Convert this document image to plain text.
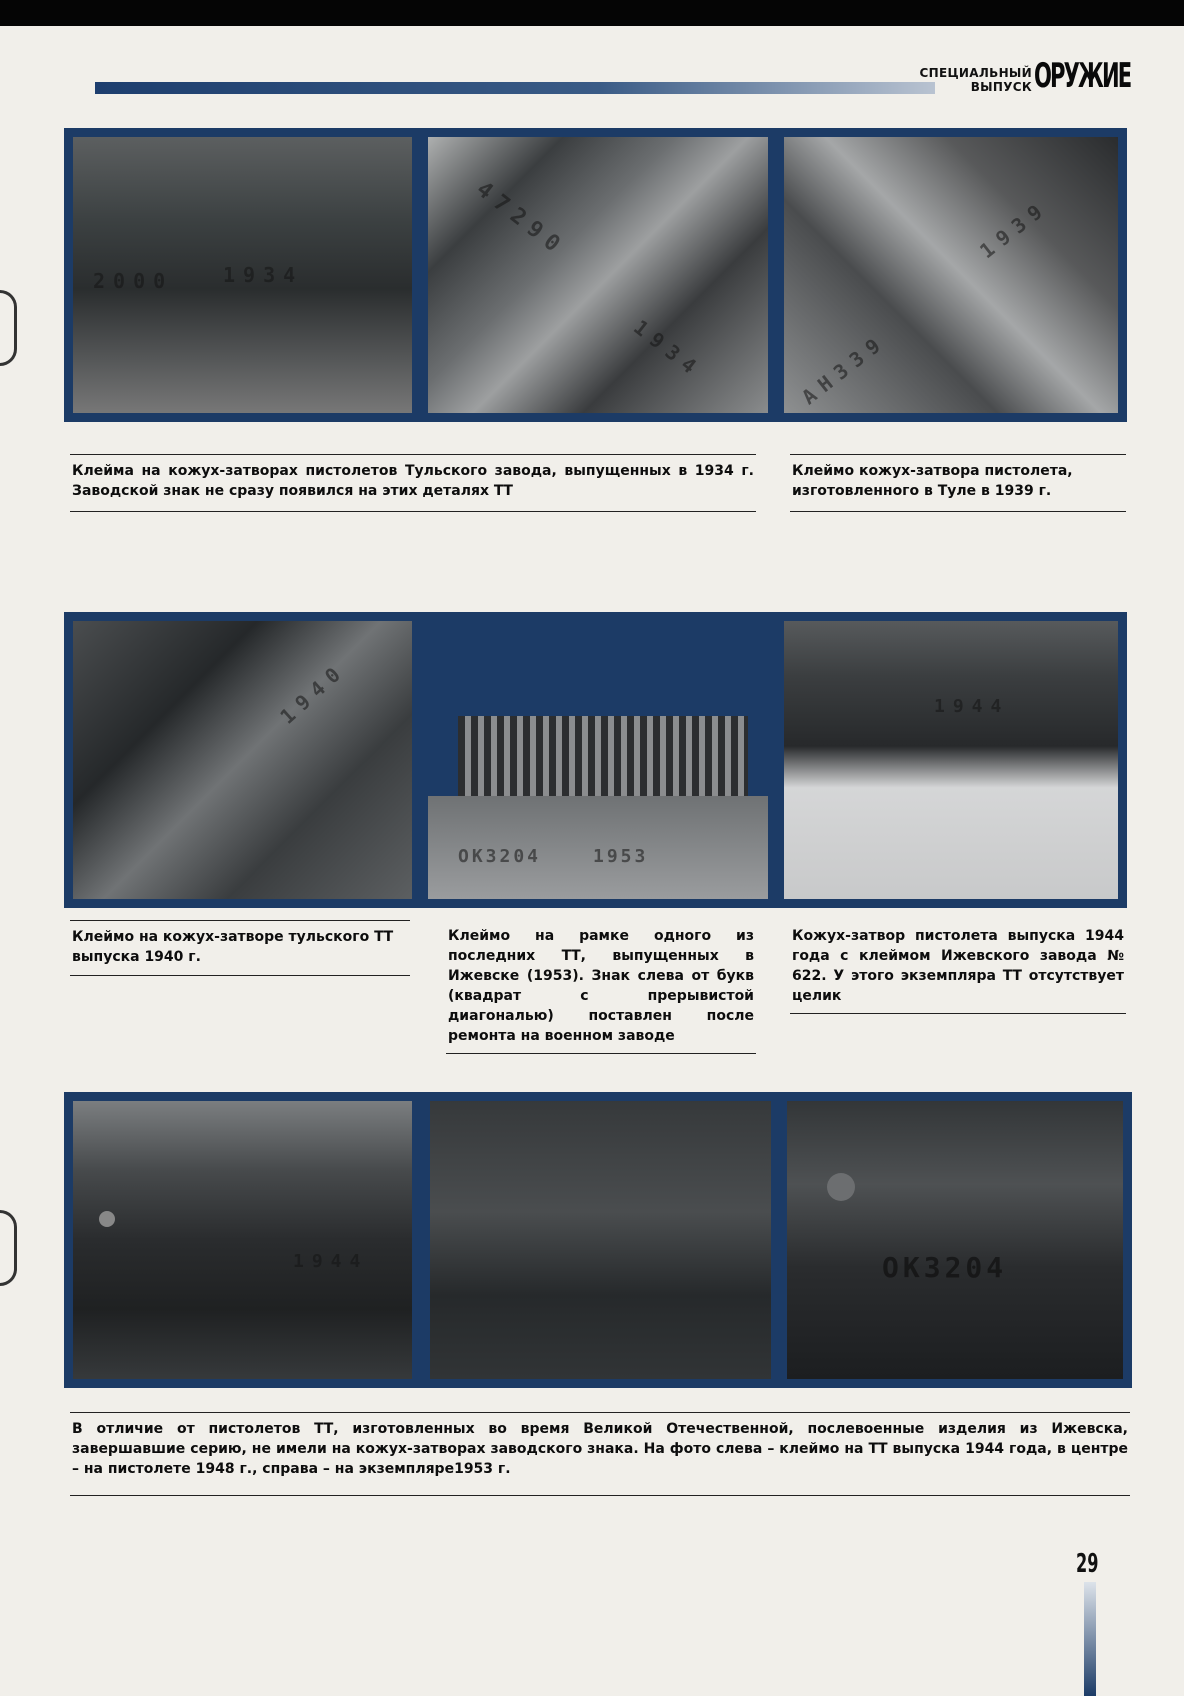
СПЕЦИАЛЬНЫЙ
ВЫПУСК ОРУЖИЕ
2000 1934
47290
1934	АН339
1939
Клейма на кожух-затворах пистолетов Тульского завода, выпущенных в 1934 г. Заводской знак не сразу появился на этих деталях ТТ
Клеймо кожух-затвора пистолета, изготовленного в Туле в 1939 г.
1940
ОК3204	1953
1944
Клеймо на кожух-затворе тульского ТТ выпуска 1940 г.
Клеймо на рамке одного из последних ТТ, выпущенных в Ижевске (1953). Знак слева от букв (квадрат с прерывистой диагональю) поставлен после ремонта на военном заводе
Кожух-затвор пистолета выпуска 1944 года с клеймом Ижевского завода № 622. У этого экземпляра ТТ отсутствует целик
1944	ОК3204
В отличие от пистолетов ТТ, изготовленных во время Великой Отечественной, послевоенные изделия из Ижевска, завершавшие серию, не имели на кожух-затворах заводского знака. На фото слева – клеймо на ТТ выпуска 1944 года, в центре – на пистолете 1948 г., справа – на экземпляре1953 г.
29
